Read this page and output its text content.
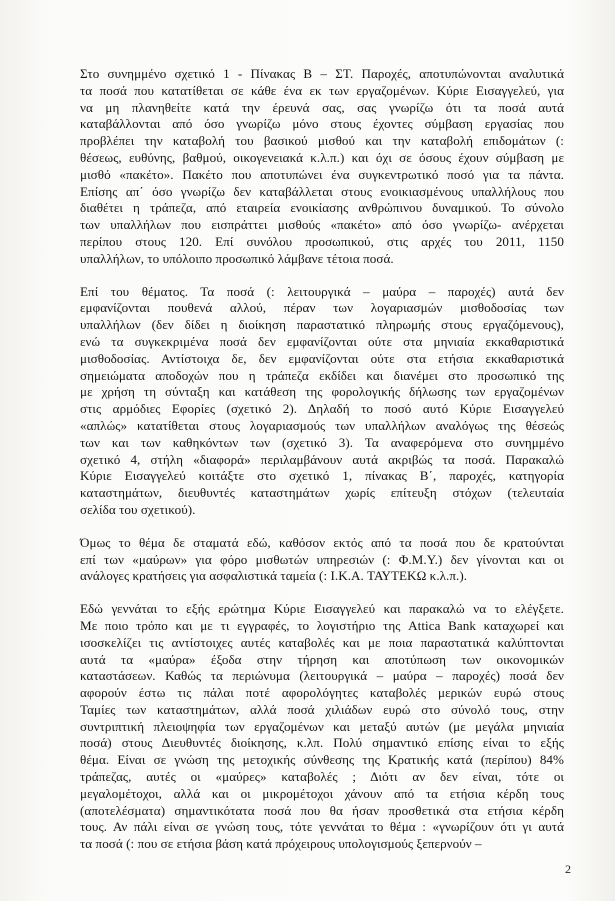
Στο συνημμένο σχετικό 1 - Πίνακας Β – ΣΤ. Παροχές, αποτυπώνονται αναλυτικά
τα ποσά που κατατίθεται σε κάθε ένα εκ των εργαζομένων. Κύριε Εισαγγελεύ, για
να μη πλανηθείτε κατά την έρευνά σας, σας γνωρίζω ότι τα ποσά αυτά
καταβάλλονται από όσο γνωρίζω μόνο στους έχοντες σύμβαση εργασίας που
προβλέπει την καταβολή του βασικού μισθού και την καταβολή επιδομάτων (:
θέσεως, ευθύνης, βαθμού, οικογενειακά κ.λ.π.) και όχι σε όσους έχουν σύμβαση με
μισθό «πακέτο». Πακέτο που αποτυπώνει ένα συγκεντρωτικό ποσό για τα πάντα.
Επίσης απ΄ όσο γνωρίζω δεν καταβάλλεται στους ενοικιασμένους υπαλλήλους που
διαθέτει η τράπεζα, από εταιρεία ενοικίασης ανθρώπινου δυναμικού. Το σύνολο
των υπαλλήλων που εισπράττει μισθούς «πακέτο» από όσο γνωρίζω- ανέρχεται
περίπου στους 120. Επί συνόλου προσωπικού, στις αρχές του 2011, 1150
υπαλλήλων, το υπόλοιπο προσωπικό λάμβανε τέτοια ποσά.
Επί του θέματος. Τα ποσά (: λειτουργικά – μαύρα – παροχές) αυτά δεν
εμφανίζονται πουθενά αλλού, πέραν των λογαριασμών μισθοδοσίας των
υπαλλήλων (δεν δίδει η διοίκηση παραστατικό πληρωμής στους εργαζόμενους),
ενώ τα συγκεκριμένα ποσά δεν εμφανίζονται ούτε στα μηνιαία εκκαθαριστικά
μισθοδοσίας. Αντίστοιχα δε, δεν εμφανίζονται ούτε στα ετήσια εκκαθαριστικά
σημειώματα αποδοχών που η τράπεζα εκδίδει και διανέμει στο προσωπικό της
με χρήση τη σύνταξη και κατάθεση της φορολογικής δήλωσης των εργαζομένων
στις αρμόδιες Εφορίες (σχετικό 2). Δηλαδή το ποσό αυτό Κύριε Εισαγγελεύ
«απλώς» κατατίθεται στους λογαριασμούς των υπαλλήλων αναλόγως της θέσεώς
των και των καθηκόντων των (σχετικό 3). Τα αναφερόμενα στο συνημμένο
σχετικό 4, στήλη «διαφορά» περιλαμβάνουν αυτά ακριβώς τα ποσά. Παρακαλώ
Κύριε Εισαγγελεύ κοιτάξτε στο σχετικό 1, πίνακας Β΄, παροχές, κατηγορία
καταστημάτων, διευθυντές καταστημάτων χωρίς επίτευξη στόχων (τελευταία
σελίδα του σχετικού).
Όμως το θέμα δε σταματά εδώ, καθόσον εκτός από τα ποσά που δε κρατούνται
επί των «μαύρων» για φόρο μισθωτών υπηρεσιών (: Φ.Μ.Υ.) δεν γίνονται και οι
ανάλογες κρατήσεις για ασφαλιστικά ταμεία (: Ι.Κ.Α. ΤΑΥΤΕΚΩ κ.λ.π.).
Εδώ γεννάται το εξής ερώτημα Κύριε Εισαγγελεύ και παρακαλώ να το ελέγξετε.
Με ποιο τρόπο και με τι εγγραφές, το λογιστήριο της Attica Bank καταχωρεί και
ισοσκελίζει τις αντίστοιχες αυτές καταβολές και με ποια παραστατικά καλύπτονται
αυτά τα «μαύρα» έξοδα στην τήρηση και αποτύπωση των οικονομικών
καταστάσεων. Καθώς τα περιώνυμα (λειτουργικά – μαύρα – παροχές) ποσά δεν
αφορούν έστω τις πάλαι ποτέ αφορολόγητες καταβολές μερικών ευρώ στους
Ταμίες των καταστημάτων, αλλά ποσά χιλιάδων ευρώ στο σύνολό τους, στην
συντριπτική πλειοψηφία των εργαζομένων και μεταξύ αυτών (με μεγάλα μηνιαία
ποσά) στους Διευθυντές διοίκησης, κ.λπ. Πολύ σημαντικό επίσης είναι το εξής
θέμα. Είναι σε γνώση της μετοχικής σύνθεσης της Κρατικής κατά (περίπου) 84%
τράπεζας, αυτές οι «μαύρες» καταβολές ; Διότι αν δεν είναι, τότε οι
μεγαλομέτοχοι, αλλά και οι μικρομέτοχοι χάνουν από τα ετήσια κέρδη τους
(αποτελέσματα) σημαντικότατα ποσά που θα ήσαν προσθετικά στα ετήσια κέρδη
τους. Αν πάλι είναι σε γνώση τους, τότε γεννάται το θέμα : «γνωρίζουν ότι γι αυτά
τα ποσά (: που σε ετήσια βάση κατά πρόχειρους υπολογισμούς ξεπερνούν –
2
